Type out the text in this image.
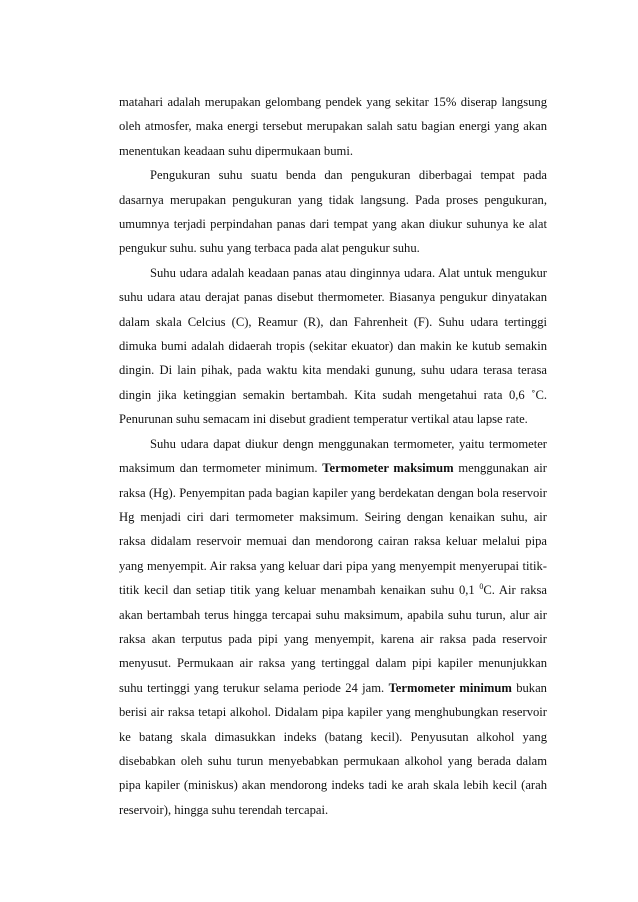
matahari adalah merupakan gelombang pendek yang sekitar 15% diserap langsung oleh atmosfer, maka energi tersebut merupakan salah satu bagian energi yang akan menentukan keadaan suhu dipermukaan bumi.

Pengukuran suhu suatu benda dan pengukuran diberbagai tempat pada dasarnya merupakan pengukuran yang tidak langsung. Pada proses pengukuran, umumnya terjadi perpindahan panas dari tempat yang akan diukur suhunya ke alat pengukur suhu. suhu yang terbaca pada alat pengukur suhu.

Suhu udara adalah keadaan panas atau dinginnya udara. Alat untuk mengukur suhu udara atau derajat panas disebut thermometer. Biasanya pengukur dinyatakan dalam skala Celcius (C), Reamur (R), dan Fahrenheit (F). Suhu udara tertinggi dimuka bumi adalah didaerah tropis (sekitar ekuator) dan makin ke kutub semakin dingin. Di lain pihak, pada waktu kita mendaki gunung, suhu udara terasa terasa dingin jika ketinggian semakin bertambah. Kita sudah mengetahui rata 0,6 ˚C. Penurunan suhu semacam ini disebut gradient temperatur vertikal atau lapse rate.

Suhu udara dapat diukur dengn menggunakan termometer, yaitu termometer maksimum dan termometer minimum. Termometer maksimum menggunakan air raksa (Hg). Penyempitan pada bagian kapiler yang berdekatan dengan bola reservoir Hg menjadi ciri dari termometer maksimum. Seiring dengan kenaikan suhu, air raksa didalam reservoir memuai dan mendorong cairan raksa keluar melalui pipa yang menyempit. Air raksa yang keluar dari pipa yang menyempit menyerupai titik-titik kecil dan setiap titik yang keluar menambah kenaikan suhu 0,1 $^0$C. Air raksa akan bertambah terus hingga tercapai suhu maksimum, apabila suhu turun, alur air raksa akan terputus pada pipi yang menyempit, karena air raksa pada reservoir menyusut. Permukaan air raksa yang tertinggal dalam pipi kapiler menunjukkan suhu tertinggi yang terukur selama periode 24 jam. Termometer minimum bukan berisi air raksa tetapi alkohol. Didalam pipa kapiler yang menghubungkan reservoir ke batang skala dimasukkan indeks (batang kecil). Penyusutan alkohol yang disebabkan oleh suhu turun menyebabkan permukaan alkohol yang berada dalam pipa kapiler (miniskus) akan mendorong indeks tadi ke arah skala lebih kecil (arah reservoir), hingga suhu terendah tercapai.
